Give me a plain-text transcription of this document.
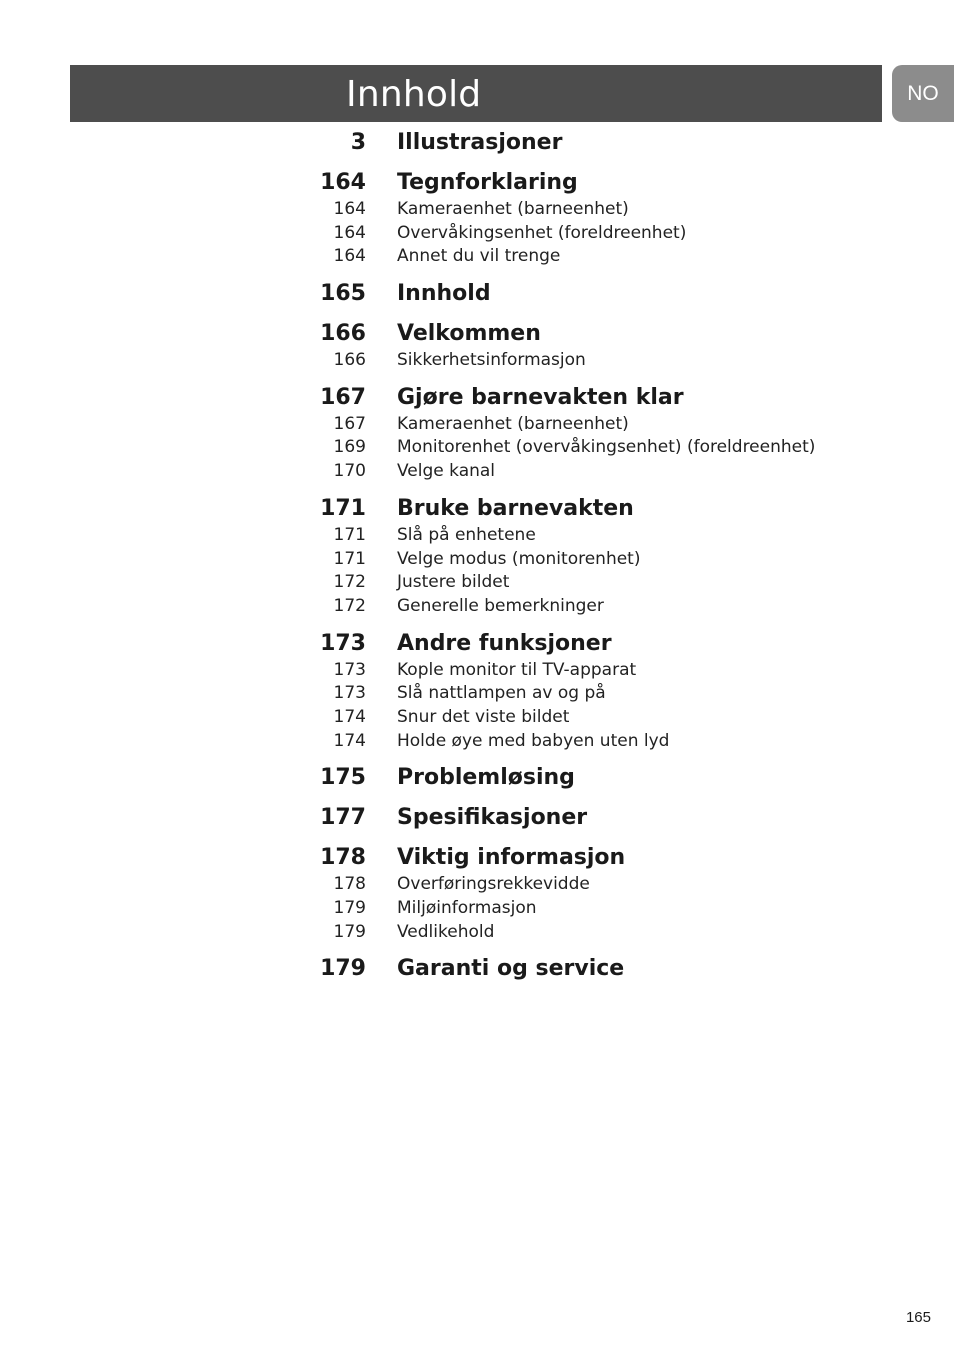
Innhold	NO
3 Illustrasjoner
164 Tegnforklaring
164 Kameraenhet (barneenhet)
164 Overvåkingsenhet (foreldreenhet)
164 Annet du vil trenge
165 Innhold
166 Velkommen
166 Sikkerhetsinformasjon
167 Gjøre barnevakten klar
167 Kameraenhet (barneenhet)
169 Monitorenhet (overvåkingsenhet) (foreldreenhet)
170 Velge kanal
171 Bruke barnevakten
171 Slå på enhetene
171 Velge modus (monitorenhet)
172 Justere bildet
172 Generelle bemerkninger
173 Andre funksjoner
173 Kople monitor til TV-apparat
173 Slå nattlampen av og på
174 Snur det viste bildet
174 Holde øye med babyen uten lyd
175 Problemløsing
177 Spesifikasjoner
178 Viktig informasjon
178 Overføringsrekkevidde
179 Miljøinformasjon
179 Vedlikehold
179 Garanti og service
165
